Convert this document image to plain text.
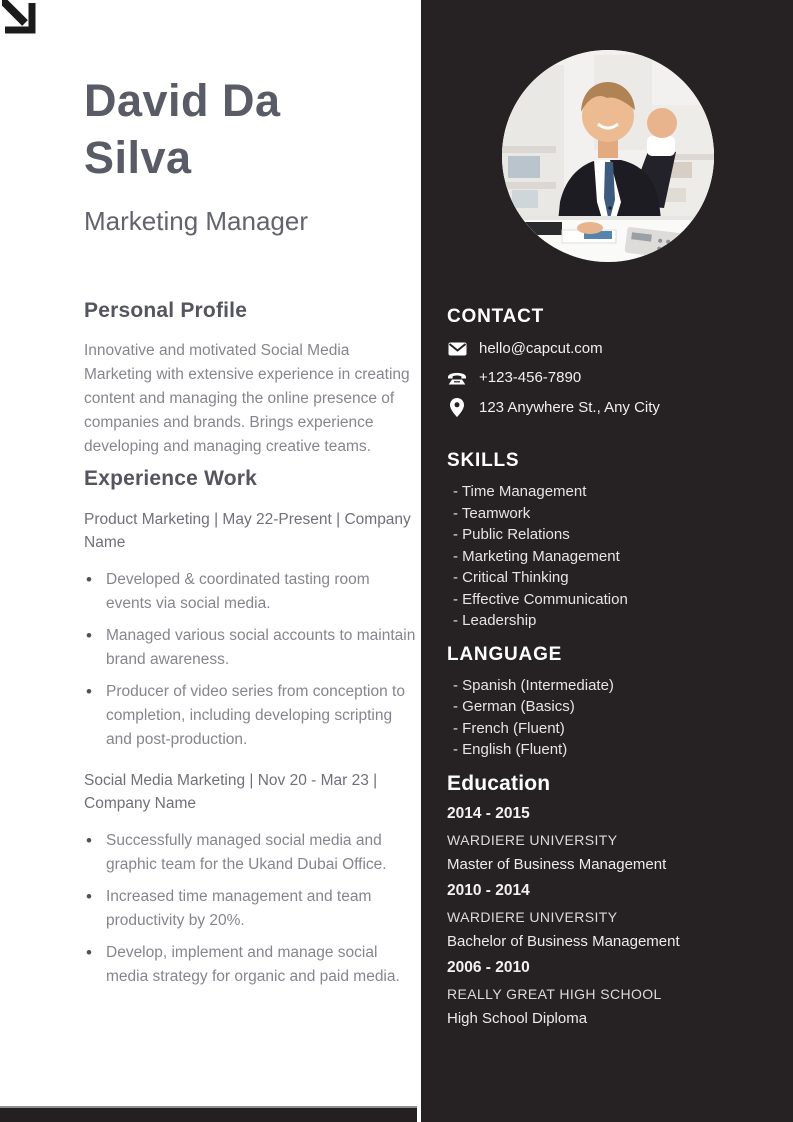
David Da Silva
Marketing Manager
Personal Profile

Innovative and motivated Social Media Marketing with extensive experience in creating content and managing the online presence of companies and brands. Brings experience developing and managing creative teams.

Experience Work
Product Marketing | May 22-Present | Company Name
• Developed & coordinated tasting room events via social media.
• Managed various social accounts to maintain brand awareness.
• Producer of video series from conception to completion, including developing scripting and post-production.
Social Media Marketing | Nov 20 - Mar 23 | Company Name
• Successfully managed social media and graphic team for the Ukand Dubai Office.
• Increased time management and team productivity by 20%.
• Develop, implement and manage social media strategy for organic and paid media.
CONTACT
hello@capcut.com
+123-456-7890
123 Anywhere St., Any City
SKILLS
- Time Management
- Teamwork
- Public Relations
- Marketing Management
- Critical Thinking
- Effective Communication
- Leadership
LANGUAGE
- Spanish (Intermediate)
- German (Basics)
- French (Fluent)
- English (Fluent)
Education
2014 - 2015
WARDIERE UNIVERSITY
Master of Business Management
2010 - 2014
WARDIERE UNIVERSITY
Bachelor of Business Management
2006 - 2010
REALLY GREAT HIGH SCHOOL
High School Diploma
